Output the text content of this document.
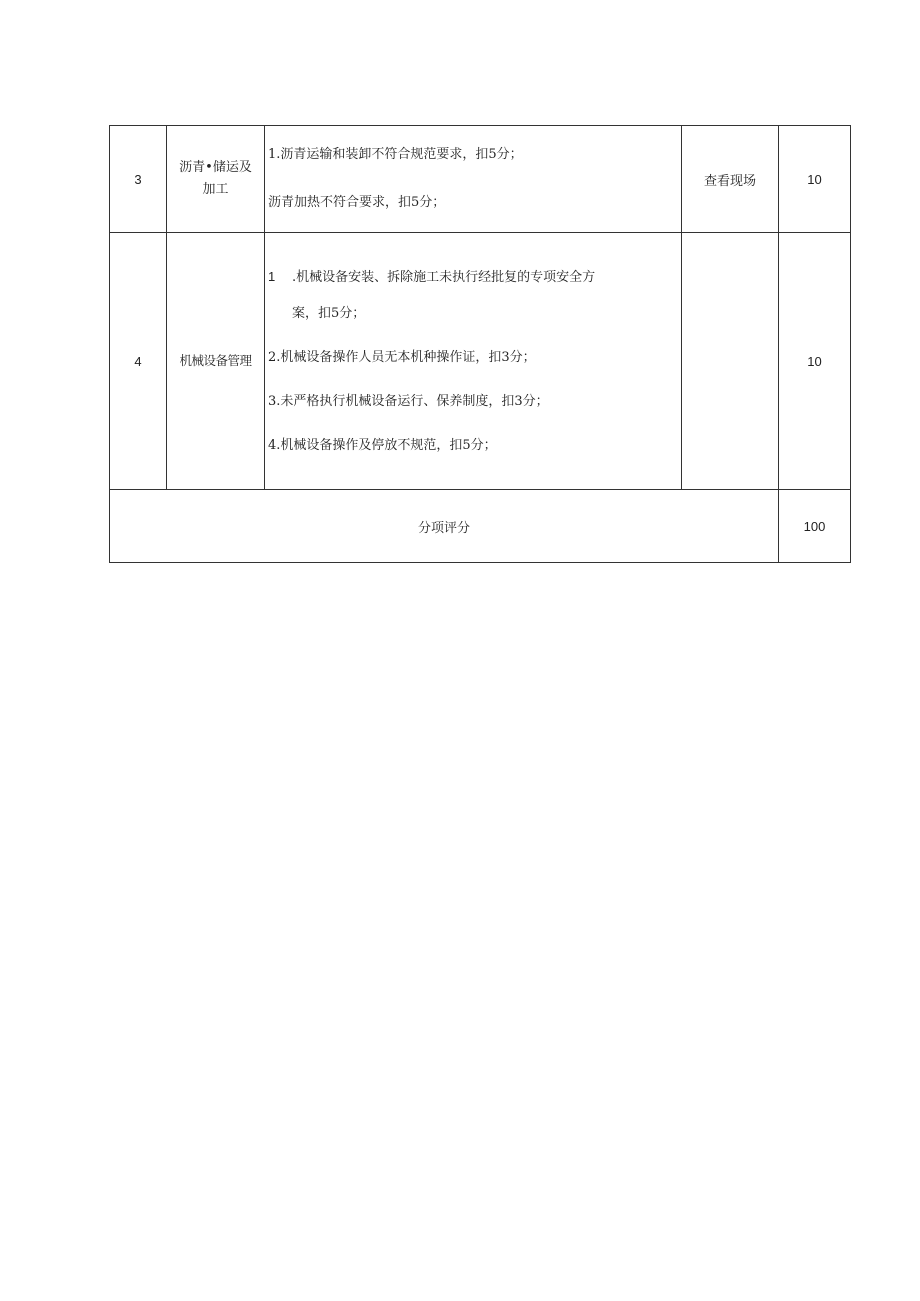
3	沥青•储运及
加工	1.沥青运输和装卸不符合规范要求，扣5分；
沥青加热不符合要求，扣5分；	查看现场	10
4	机械设备管理	1 .机械设备安装、拆除施工未执行经批复的专项安全方
案，扣5分；
2.机械设备操作人员无本机种操作证，扣3分；
3.未严格执行机械设备运行、保养制度，扣3分；
4.机械设备操作及停放不规范，扣5分；		10
分项评分				100
